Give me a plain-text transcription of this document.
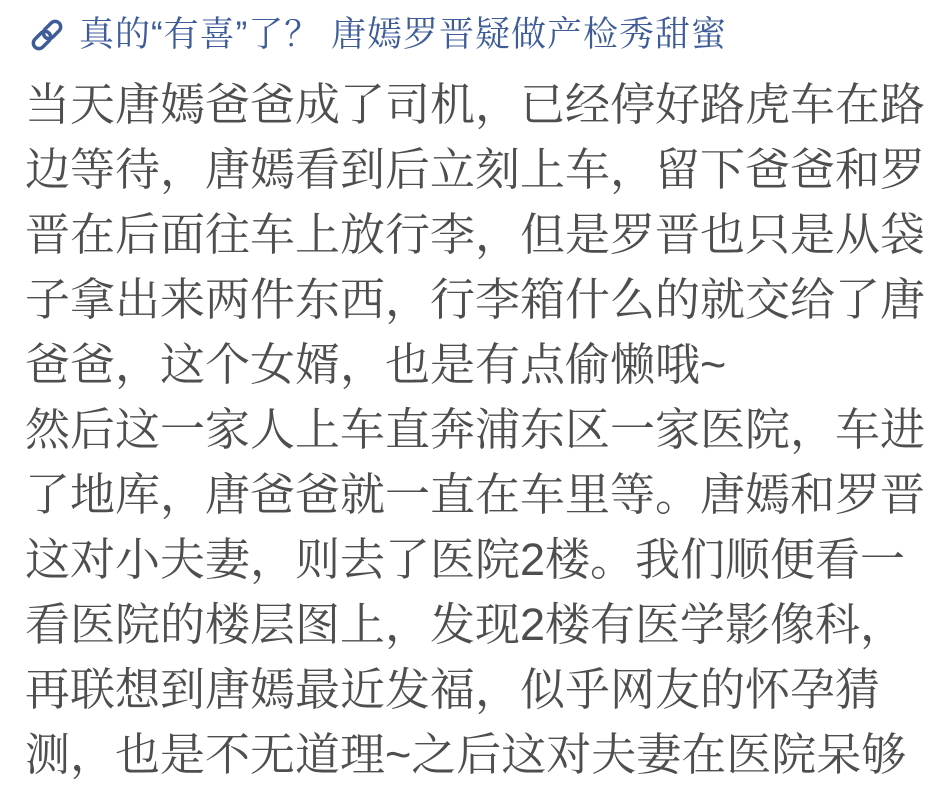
真的“有喜”了？ 唐嫣罗晋疑做产检秀甜蜜
当天唐嫣爸爸成了司机，已经停好路虎车在路
边等待，唐嫣看到后立刻上车，留下爸爸和罗
晋在后面往车上放行李，但是罗晋也只是从袋
子拿出来两件东西，行李箱什么的就交给了唐
爸爸，这个女婿，也是有点偷懒哦~
然后这一家人上车直奔浦东区一家医院，车进
了地库，唐爸爸就一直在车里等。唐嫣和罗晋
这对小夫妻，则去了医院2楼。我们顺便看一
看医院的楼层图上，发现2楼有医学影像科，
再联想到唐嫣最近发福，似乎网友的怀孕猜
测，也是不无道理~之后这对夫妻在医院呆够
